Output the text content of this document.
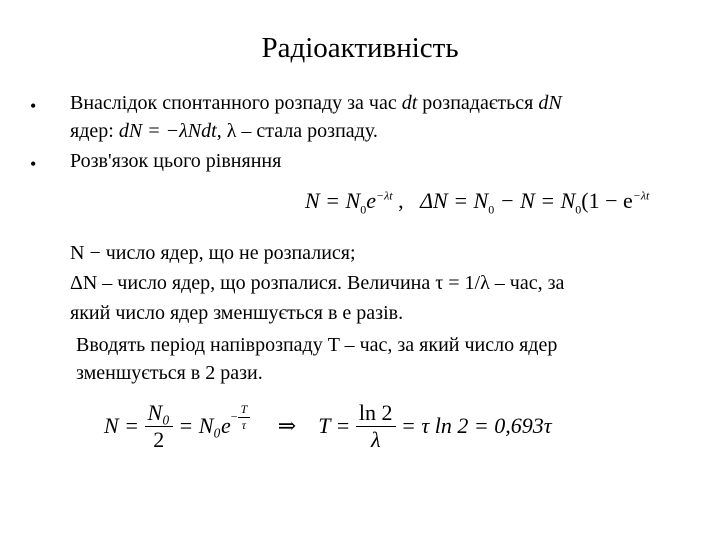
Радіоактивність
• Внаслідок спонтанного розпаду за час dt розпадається dN
ядер: dN = −λNdt, λ – стала розпаду.
• Розв'язок цього рівняння
$N = N_0e^{-\lambda t}$ , $\Delta N = N_0 - N = N_0(1 - e^{-\lambda t}$
N − число ядер, що не розпалися;
ΔN – число ядер, що розпалися. Величина τ = 1/λ – час, за
який число ядер зменшується в e разів.
Вводять період напіврозпаду T – час, за який число ядер
зменшується в 2 рази.
N =
$\frac{\text{N₀}}{2}$
= $N_0e - \frac{T}{\tau}$
⇒
T =
$\frac{\ln 2}{\lambda}$
= τ ln 2 = 0,693τ
